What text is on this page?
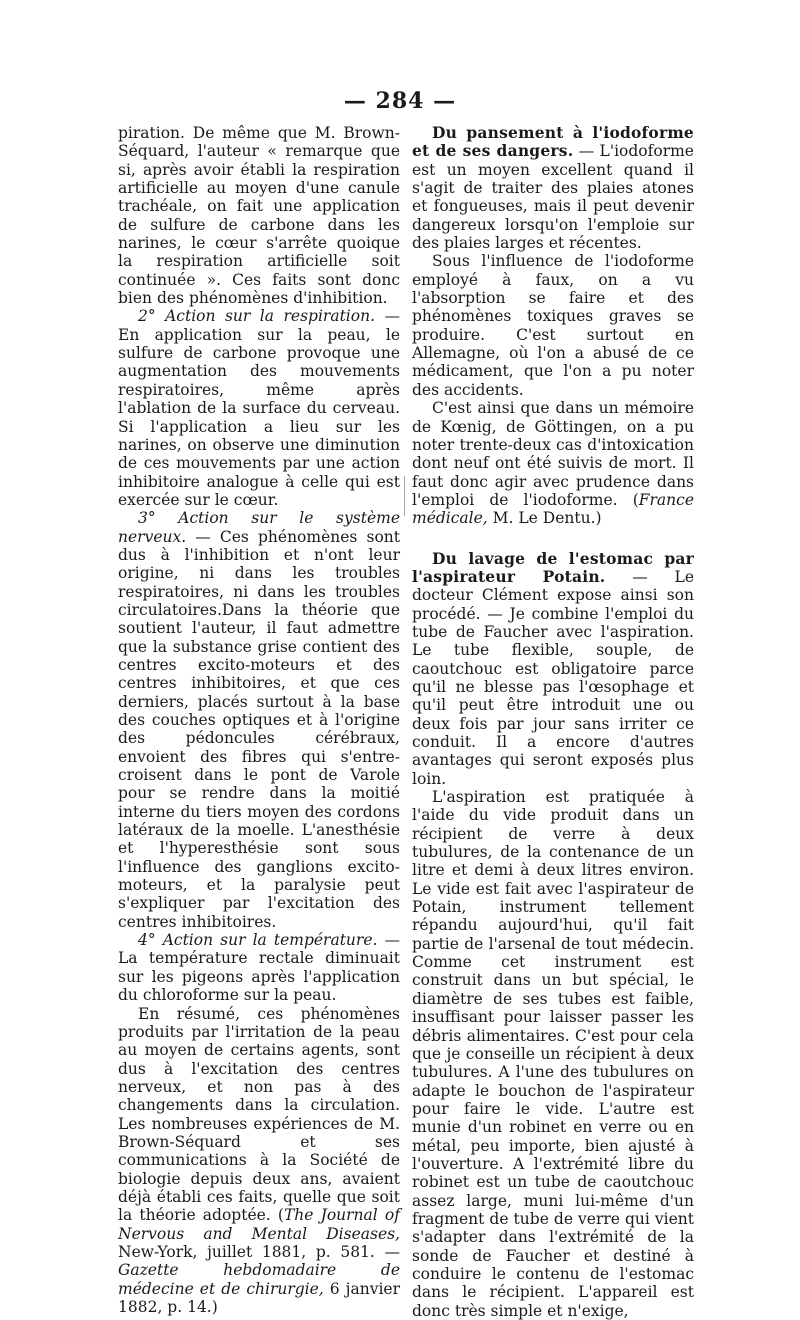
— 284 —

piration. De même que M. Brown-Séquard, l'auteur « remarque que si, après avoir établi la respiration artificielle au moyen d'une canule trachéale, on fait une application de sulfure de carbone dans les narines, le cœur s'arrête quoique la respiration artificielle soit continuée ». Ces faits sont donc bien des phénomènes d'inhibition.

2° Action sur la respiration. — En application sur la peau, le sulfure de carbone provoque une augmentation des mouvements respiratoires, même après l'ablation de la surface du cerveau. Si l'application a lieu sur les narines, on observe une diminution de ces mouvements par une action inhibitoire analogue à celle qui est exercée sur le cœur.

3° Action sur le système nerveux. — Ces phénomènes sont dus à l'inhibition et n'ont leur origine, ni dans les troubles respiratoires, ni dans les troubles circulatoires.Dans la théorie que soutient l'auteur, il faut admettre que la substance grise contient des centres excito-moteurs et des centres inhibitoires, et que ces derniers, placés surtout à la base des couches optiques et à l'origine des pédoncules cérébraux, envoient des fibres qui s'entre-croisent dans le pont de Varole pour se rendre dans la moitié interne du tiers moyen des cordons latéraux de la moelle. L'anesthésie et l'hyperesthésie sont sous l'influence des ganglions excito-moteurs, et la paralysie peut s'expliquer par l'excitation des centres inhibitoires.

4° Action sur la température. — La température rectale diminuait sur les pigeons après l'application du chloroforme sur la peau.

En résumé, ces phénomènes produits par l'irritation de la peau au moyen de certains agents, sont dus à l'excitation des centres nerveux, et non pas à des changements dans la circulation. Les nombreuses expériences de M. Brown-Séquard et ses communications à la Société de biologie depuis deux ans, avaient déjà établi ces faits, quelle que soit la théorie adoptée. (The Journal of Nervous and Mental Diseases, New-York, juillet 1881, p. 581. — Gazette hebdomadaire de médecine et de chirurgie, 6 janvier 1882, p. 14.)

Du pansement à l'iodoforme et de ses dangers. — L'iodoforme est un moyen excellent quand il s'agit de traiter des plaies atones et fongueuses, mais il peut devenir dangereux lorsqu'on l'emploie sur des plaies larges et récentes.

Sous l'influence de l'iodoforme employé à faux, on a vu l'absorption se faire et des phénomènes toxiques graves se produire. C'est surtout en Allemagne, où l'on a abusé de ce médicament, que l'on a pu noter des accidents.

C'est ainsi que dans un mémoire de Kœnig, de Göttingen, on a pu noter trente-deux cas d'intoxication dont neuf ont été suivis de mort. Il faut donc agir avec prudence dans l'emploi de l'iodoforme. (France médicale, M. Le Dentu.)

Du lavage de l'estomac par l'aspirateur Potain. — Le docteur Clément expose ainsi son procédé. — Je combine l'emploi du tube de Faucher avec l'aspiration. Le tube flexible, souple, de caoutchouc est obligatoire parce qu'il ne blesse pas l'œsophage et qu'il peut être introduit une ou deux fois par jour sans irriter ce conduit. Il a encore d'autres avantages qui seront exposés plus loin.

L'aspiration est pratiquée à l'aide du vide produit dans un récipient de verre à deux tubulures, de la contenance de un litre et demi à deux litres environ. Le vide est fait avec l'aspirateur de Potain, instrument tellement répandu aujourd'hui, qu'il fait partie de l'arsenal de tout médecin. Comme cet instrument est construit dans un but spécial, le diamètre de ses tubes est faible, insuffisant pour laisser passer les débris alimentaires. C'est pour cela que je conseille un récipient à deux tubulures. A l'une des tubulures on adapte le bouchon de l'aspirateur pour faire le vide. L'autre est munie d'un robinet en verre ou en métal, peu importe, bien ajusté à l'ouverture. A l'extrémité libre du robinet est un tube de caoutchouc assez large, muni lui-même d'un fragment de tube de verre qui vient s'adapter dans l'extrémité de la sonde de Faucher et destiné à conduire le contenu de l'estomac dans le récipient. L'appareil est donc très simple et n'exige,
